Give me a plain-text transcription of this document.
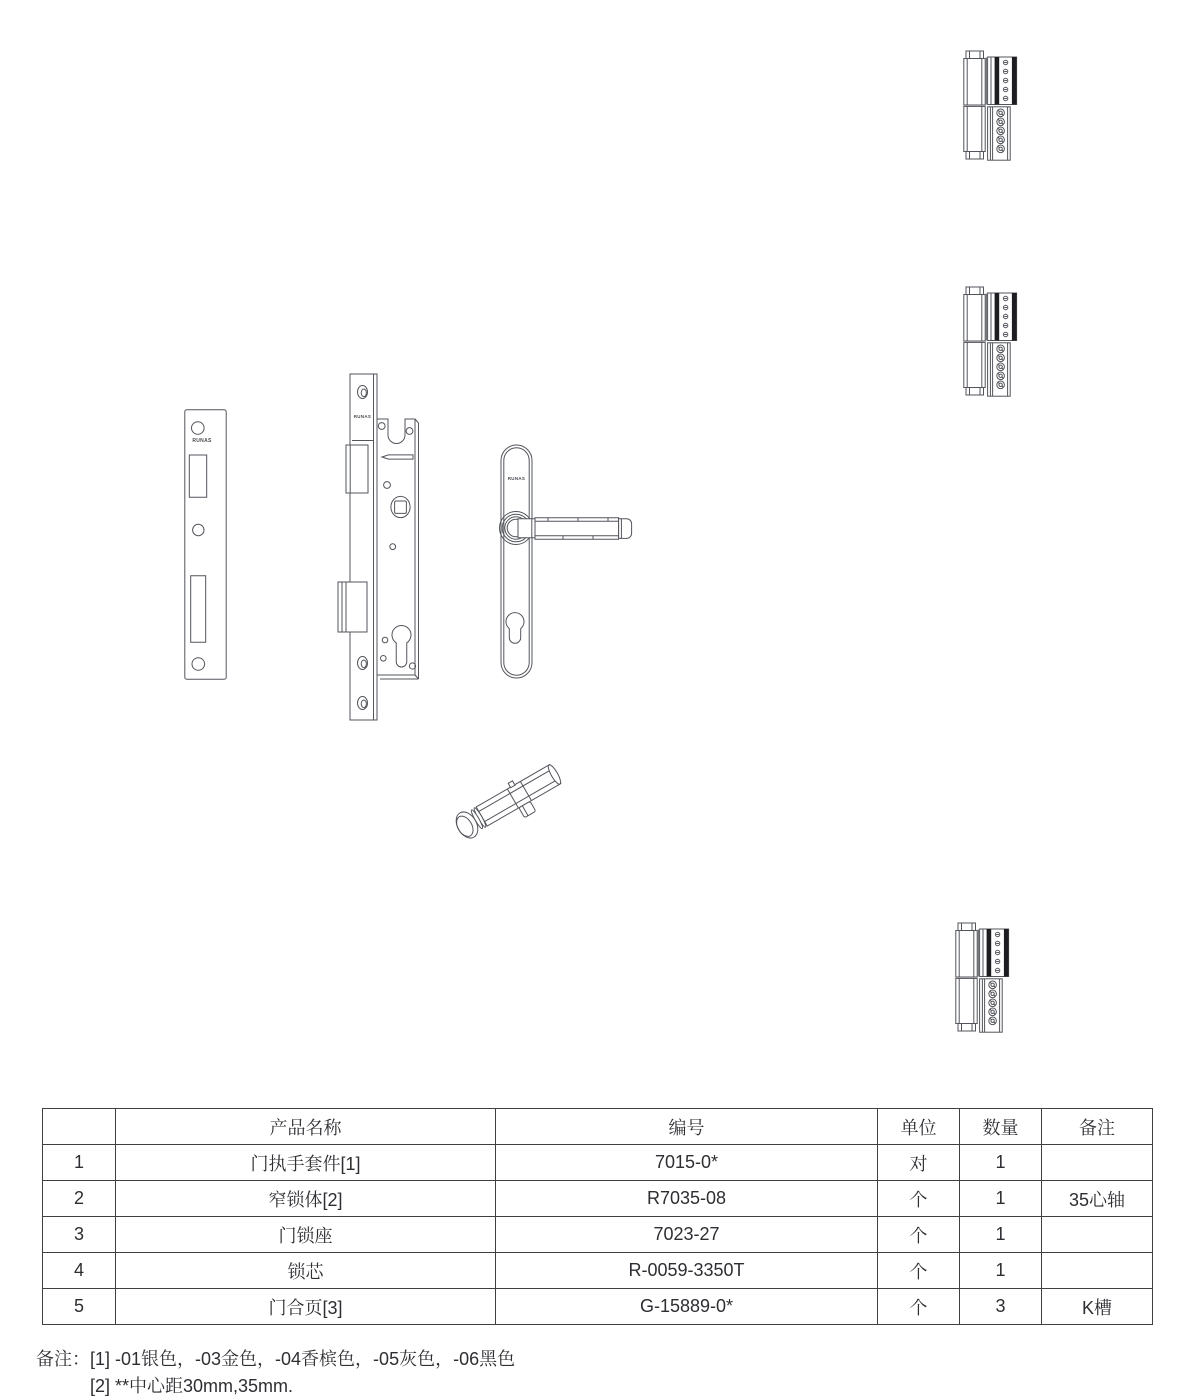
RUNAS
RUNAS
RUNAS
	产品名称	编号	单位	数量	备注
1	门执手套件[1]	7015-0*	对	1	
2	窄锁体[2]	R7035-08	个	1	35心轴
3	门锁座	7023-27	个	1	
4	锁芯	R-0059-3350T	个	1	
5	门合页[3]	G-15889-0*	个	3	K槽
备注： [1] -01银色，-03金色，-04香槟色，-05灰色，-06黑色
[2] **中心距30mm,35mm.
